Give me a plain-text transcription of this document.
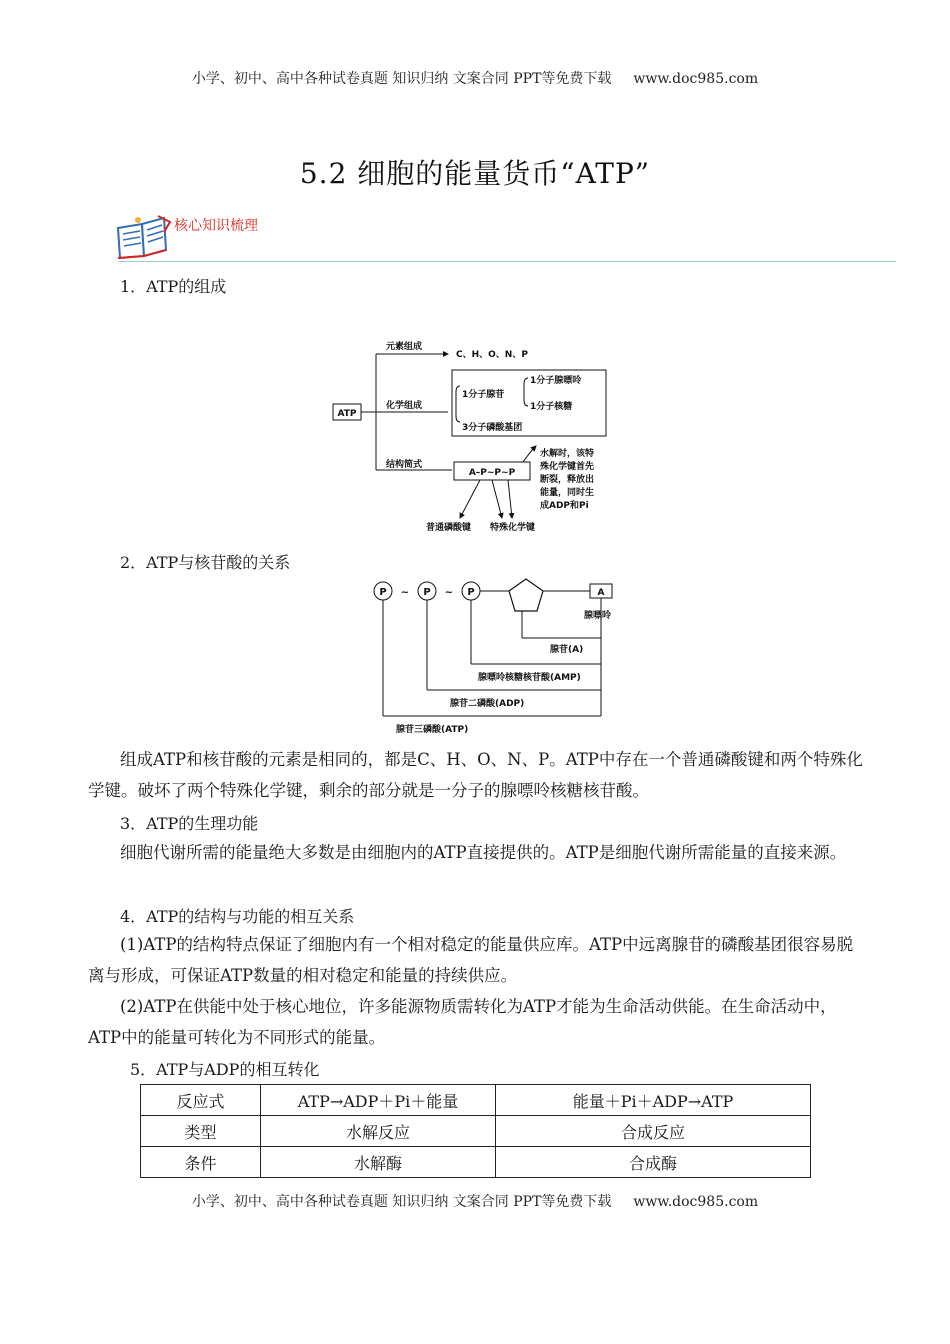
小学、初中、高中各种试卷真题 知识归纳 文案合同 PPT等免费下载 www.doc985.com
5.2 细胞的能量货币“ATP”
核心知识梳理
1．ATP的组成
ATP
元素组成
C、H、O、N、P
化学组成
1分子腺苷
1分子腺嘌呤
1分子核糖
3分子磷酸基团
结构简式
A–P~P~P
水解时，该特
殊化学键首先
断裂，释放出
能量，同时生
成ADP和Pi
普通磷酸键 特殊化学键
2．ATP与核苷酸的关系
P ~ P ~ P	A
腺嘌呤
腺苷(A)
腺嘌呤核糖核苷酸(AMP)
腺苷二磷酸(ADP)
腺苷三磷酸(ATP)

组成ATP和核苷酸的元素是相同的，都是C、H、O、N、P。ATP中存在一个普通磷酸键和两个特殊化学键。破坏了两个特殊化学键，剩余的部分就是一分子的腺嘌呤核糖核苷酸。

3．ATP的生理功能

细胞代谢所需的能量绝大多数是由细胞内的ATP直接提供的。ATP是细胞代谢所需能量的直接来源。

4．ATP的结构与功能的相互关系

(1)ATP的结构特点保证了细胞内有一个相对稳定的能量供应库。ATP中远离腺苷的磷酸基团很容易脱离与形成，可保证ATP数量的相对稳定和能量的持续供应。

(2)ATP在供能中处于核心地位，许多能源物质需转化为ATP才能为生命活动供能。在生命活动中，ATP中的能量可转化为不同形式的能量。

5．ATP与ADP的相互转化
反应式	ATP→ADP＋Pi＋能量	能量＋Pi＋ADP→ATP
类型	水解反应	合成反应
条件	水解酶	合成酶
小学、初中、高中各种试卷真题 知识归纳 文案合同 PPT等免费下载 www.doc985.com
